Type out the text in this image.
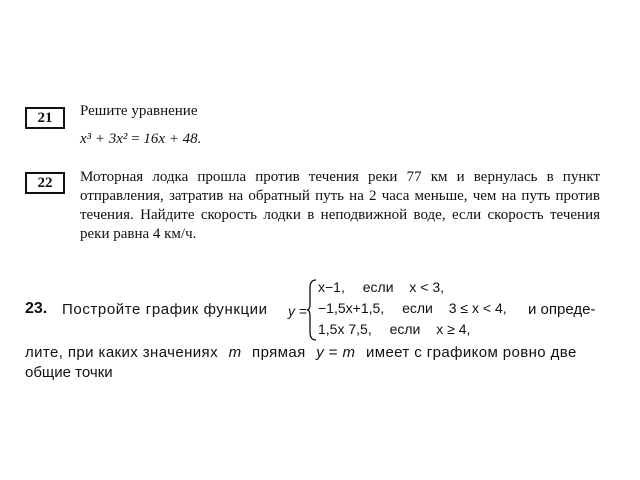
21	Решите уравнение
x³ + 3x² = 16x + 48.
22	Моторная лодка прошла против течения реки 77 км и вернулась в пункт отправления, затратив на обратный путь на 2 часа меньше, чем на путь против течения. Найдите скорость лодки в неподвижной воде, если скорость течения реки равна 4 км/ч.
23. Постройте график функции y =
x−1, если x < 3,
−1,5x+1,5, если 3 ≤ x < 4,
1,5x 7,5, если x ≥ 4,
и опреде-
лите, при каких значениях m прямая y = m имеет с графиком ровно две
общие точки
